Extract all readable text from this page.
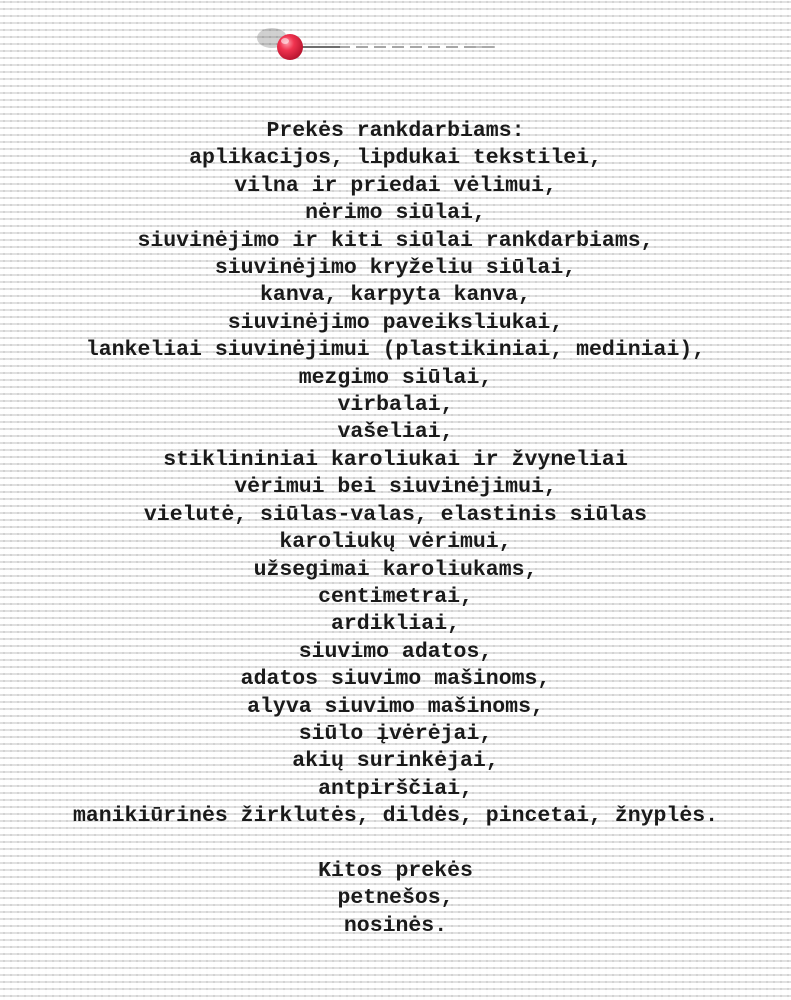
Prekės rankdarbiams:
aplikacijos, lipdukai tekstilei,
vilna ir priedai vėlimui,
nėrimo siūlai,
siuvinėjimo ir kiti siūlai rankdarbiams,
siuvinėjimo kryželiu siūlai,
kanva, karpyta kanva,
siuvinėjimo paveiksliukai,
lankeliai siuvinėjimui (plastikiniai, mediniai),
mezgimo siūlai,
virbalai,
vašeliai,
stiklininiai karoliukai ir žvyneliai
vėrimui bei siuvinėjimui,
vielutė, siūlas-valas, elastinis siūlas
karoliukų vėrimui,
užsegimai karoliukams,
centimetrai,
ardikliai,
siuvimo adatos,
adatos siuvimo mašinoms,
alyva siuvimo mašinoms,
siūlo įvėrėjai,
akių surinkėjai,
antpirščiai,
manikiūrinės žirklutės, dildės, pincetai, žnyplės.
Kitos prekės
petnešos,
nosinės.
